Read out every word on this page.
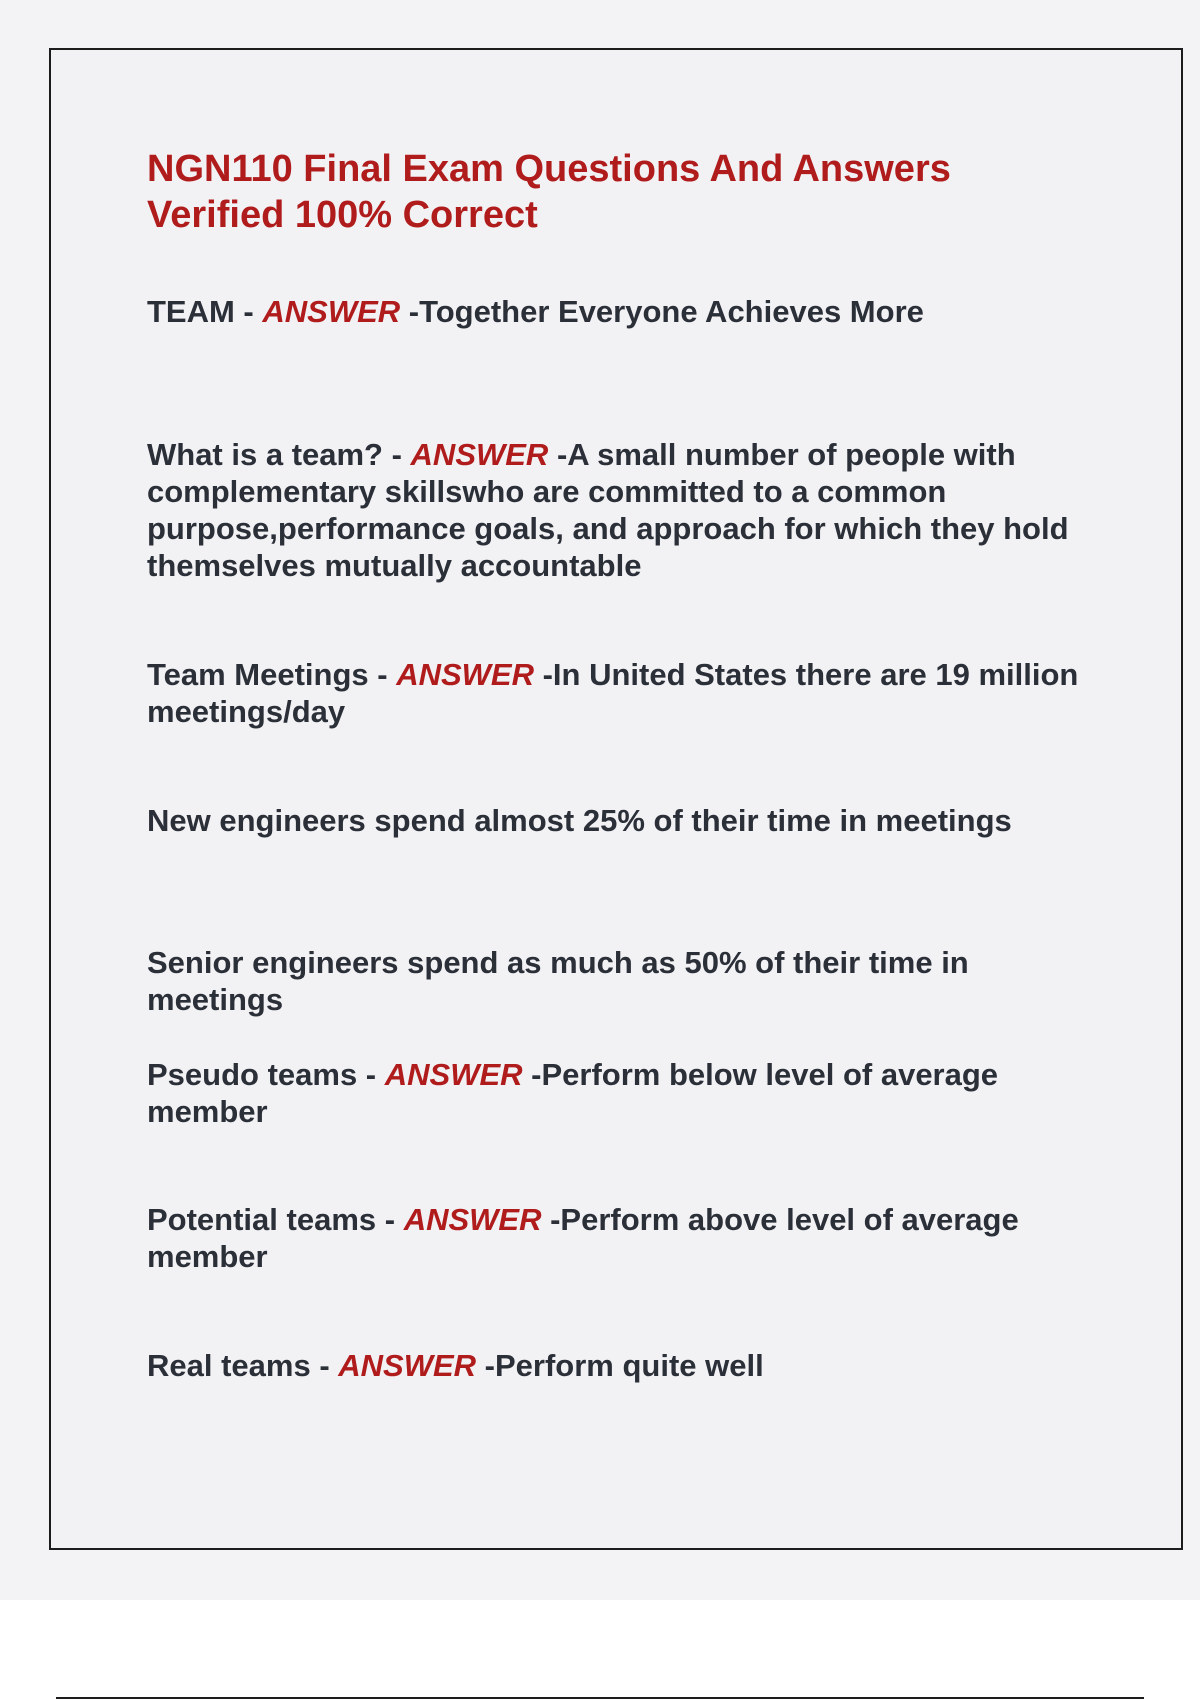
NGN110 Final Exam Questions And Answers
Verified 100% Correct

TEAM - ANSWER -Together Everyone Achieves More

What is a team? - ANSWER -A small number of people with complementary skillswho are committed to a common purpose,performance goals, and approach for which they hold themselves mutually accountable

Team Meetings - ANSWER -In United States there are 19 million meetings/day

New engineers spend almost 25% of their time in meetings

Senior engineers spend as much as 50% of their time in meetings

Pseudo teams - ANSWER -Perform below level of average member

Potential teams - ANSWER -Perform above level of average member

Real teams - ANSWER -Perform quite well
